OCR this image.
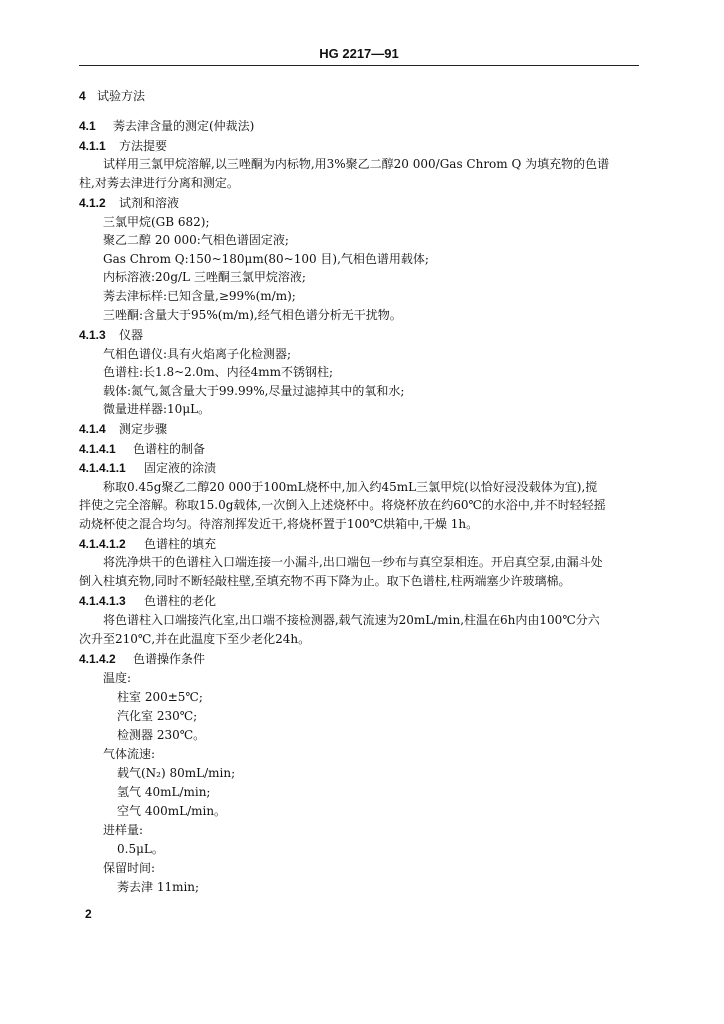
HG 2217—91
4 试验方法
4.1 莠去津含量的测定(仲裁法)
4.1.1 方法提要
试样用三氯甲烷溶解,以三唑酮为内标物,用3%聚乙二醇20 000/Gas Chrom Q 为填充物的色谱
柱,对莠去津进行分离和测定。
4.1.2 试剂和溶液
三氯甲烷(GB 682);
聚乙二醇 20 000:气相色谱固定液;
Gas Chrom Q:150~180μm(80~100 目),气相色谱用载体;
内标溶液:20g/L 三唑酮三氯甲烷溶液;
莠去津标样:已知含量,≥99%(m/m);
三唑酮:含量大于95%(m/m),经气相色谱分析无干扰物。
4.1.3 仪器
气相色谱仪:具有火焰离子化检测器;
色谱柱:长1.8~2.0m、内径4mm不锈钢柱;
载体:氮气,氮含量大于99.99%,尽量过滤掉其中的氧和水;
微量进样器:10μL。
4.1.4 测定步骤
4.1.4.1 色谱柱的制备
4.1.4.1.1 固定液的涂渍
称取0.45g聚乙二醇20 000于100mL烧杯中,加入约45mL三氯甲烷(以恰好浸没载体为宜),搅
拌使之完全溶解。称取15.0g载体,一次倒入上述烧杯中。将烧杯放在约60℃的水浴中,并不时轻轻摇
动烧杯使之混合均匀。待溶剂挥发近干,将烧杯置于100℃烘箱中,干燥 1h。
4.1.4.1.2 色谱柱的填充
将洗净烘干的色谱柱入口端连接一小漏斗,出口端包一纱布与真空泵相连。开启真空泵,由漏斗处
倒入柱填充物,同时不断轻敲柱壁,至填充物不再下降为止。取下色谱柱,柱两端塞少许玻璃棉。
4.1.4.1.3 色谱柱的老化
将色谱柱入口端接汽化室,出口端不接检测器,载气流速为20mL/min,柱温在6h内由100℃分六
次升至210℃,并在此温度下至少老化24h。
4.1.4.2 色谱操作条件
温度:
柱室 200±5℃;
汽化室 230℃;
检测器 230℃。
气体流速:
载气(N₂) 80mL/min;
氢气 40mL/min;
空气 400mL/min。
进样量:
0.5μL。
保留时间:
莠去津 11min;
2
